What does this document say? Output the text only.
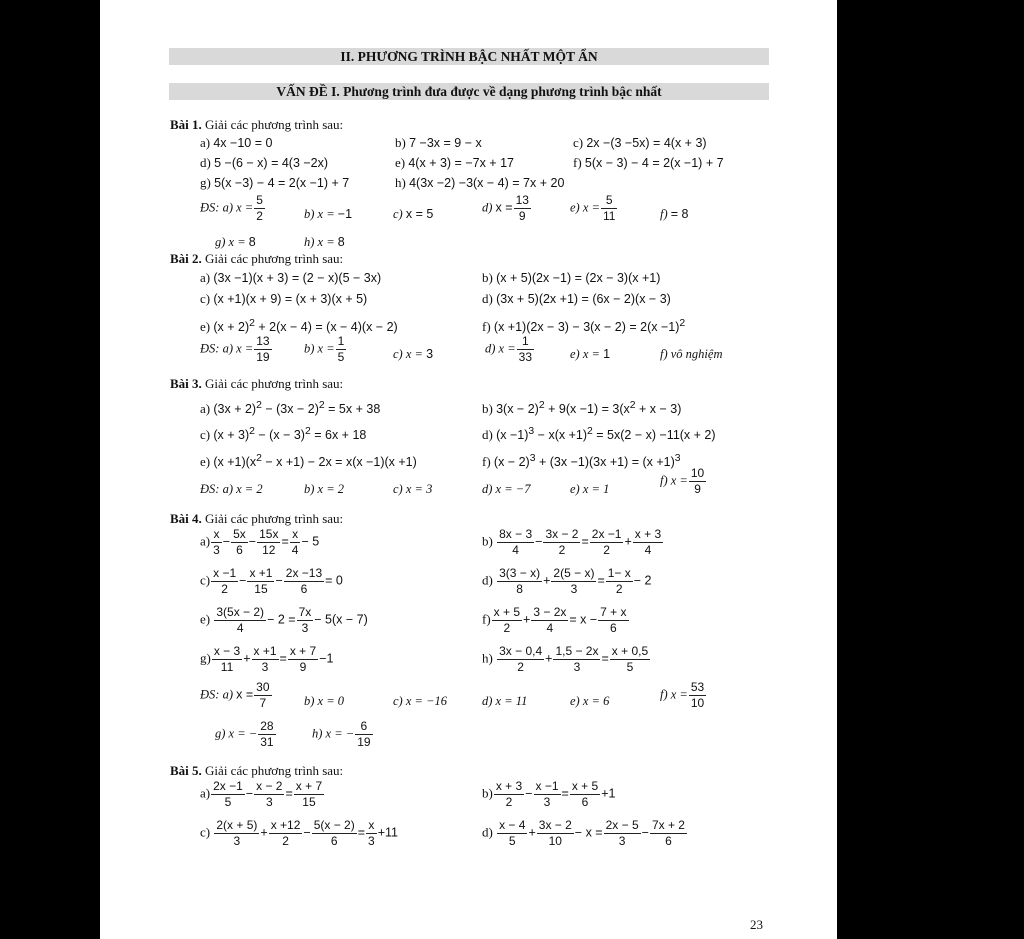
II. PHƯƠNG TRÌNH BẬC NHẤT MỘT ẨN
VẤN ĐỀ I. Phương trình đưa được về dạng phương trình bậc nhất
Bài 1. Giải các phương trình sau:
a) 4x −10 = 0	b) 7 −3x = 9 − x	c) 2x −(3 −5x) = 4(x + 3)
d) 5 −(6 − x) = 4(3 −2x)	e) 4(x + 3) = −7x + 17	f) 5(x − 3) − 4 = 2(x −1) + 7
g) 5(x −3) − 4 = 2(x −1) + 7	h) 4(3x −2) −3(x − 4) = 7x + 20
ĐS: a) $x = \frac{5}{2}$	b) x = −1	c) x = 5	d) $x = \frac{13}{9}$	e) $x = \frac{5}{11}$	f) = 8
g) x = 8	h) x = 8
Bài 2. Giải các phương trình sau:
a) (3x −1)(x + 3) = (2 − x)(5 − 3x)	b) (x + 5)(2x −1) = (2x − 3)(x +1)
c) (x +1)(x + 9) = (x + 3)(x + 5)	d) (3x + 5)(2x +1) = (6x − 2)(x − 3)
e) $(x + 2)^2 + 2(x - 4) = (x - 4)(x - 2)$	f) $(x +1)(2x - 3) - 3(x - 2) = 2(x -1)^2$
ĐS: a) $x = \frac{13}{19}$	b) $x = \frac{1}{5}$	c) x = 3	d) $x = \frac{1}{33}$	e) x = 1	f) vô nghiệm
Bài 3. Giải các phương trình sau:
a) $(3x + 2)^2 - (3x - 2)^2 = 5x + 38$	b) $3(x - 2)^2 + 9(x -1) = 3(x^2 + x - 3)$
c) $(x + 3)^2 - (x - 3)^2 = 6x + 18$	d) $(x -1)^3 - x(x +1)^2 = 5x(2 - x) -11(x + 2)$
e) $(x +1)(x^2 - x +1) - 2x = x(x -1)(x +1)$	f) $(x - 2)^3 + (3x -1)(3x +1) = (x +1)^3$
ĐS: a) x = 2	b) x = 2	c) x = 3	d) x = −7	e) x = 1
f) $x = \frac{10}{9}$
Bài 4. Giải các phương trình sau:
$a) \frac{x}{3} - \frac{5x}{6} - \frac{15x}{12} = \frac{x}{4} - 5$	$b) \frac{8x - 3}{4} - \frac{3x - 2}{2} = \frac{2x -1}{2} + \frac{x + 3}{4}$
$c) \frac{x -1}{2} - \frac{x +1}{15} - \frac{2x -13}{6} = 0$	$d) \frac{3(3 - x)}{8} + \frac{2(5 - x)}{3} = \frac{1- x}{2} - 2$
$e) \frac{3(5x - 2)}{4} - 2 = \frac{7x}{3} - 5(x - 7)$	$f) \frac{x + 5}{2} + \frac{3 - 2x}{4} = x - \frac{7 + x}{6}$
$g) \frac{x - 3}{11} + \frac{x +1}{3} = \frac{x + 7}{9} -1$	$h) \frac{3x - 0,4}{2} + \frac{1,5 - 2x}{3} = \frac{x + 0,5}{5}$
ĐS: a) $x = \frac{30}{7}$	b) x = 0	c) x = −16	d) x = 11	e) x = 6	f) $x = \frac{53}{10}$
g) x = − $\frac{28}{31}$	h) x = − $\frac{6}{19}$
Bài 5. Giải các phương trình sau:
$a) \frac{2x -1}{5} - \frac{x - 2}{3} = \frac{x + 7}{15}$	$b) \frac{x + 3}{2} - \frac{x -1}{3} = \frac{x + 5}{6} +1$
$c) \frac{2(x + 5)}{3} + \frac{x +12}{2} - \frac{5(x - 2)}{6} = \frac{x}{3} +11$	$d) \frac{x - 4}{5} + \frac{3x - 2}{10} - x = \frac{2x - 5}{3} - \frac{7x + 2}{6}$
23
